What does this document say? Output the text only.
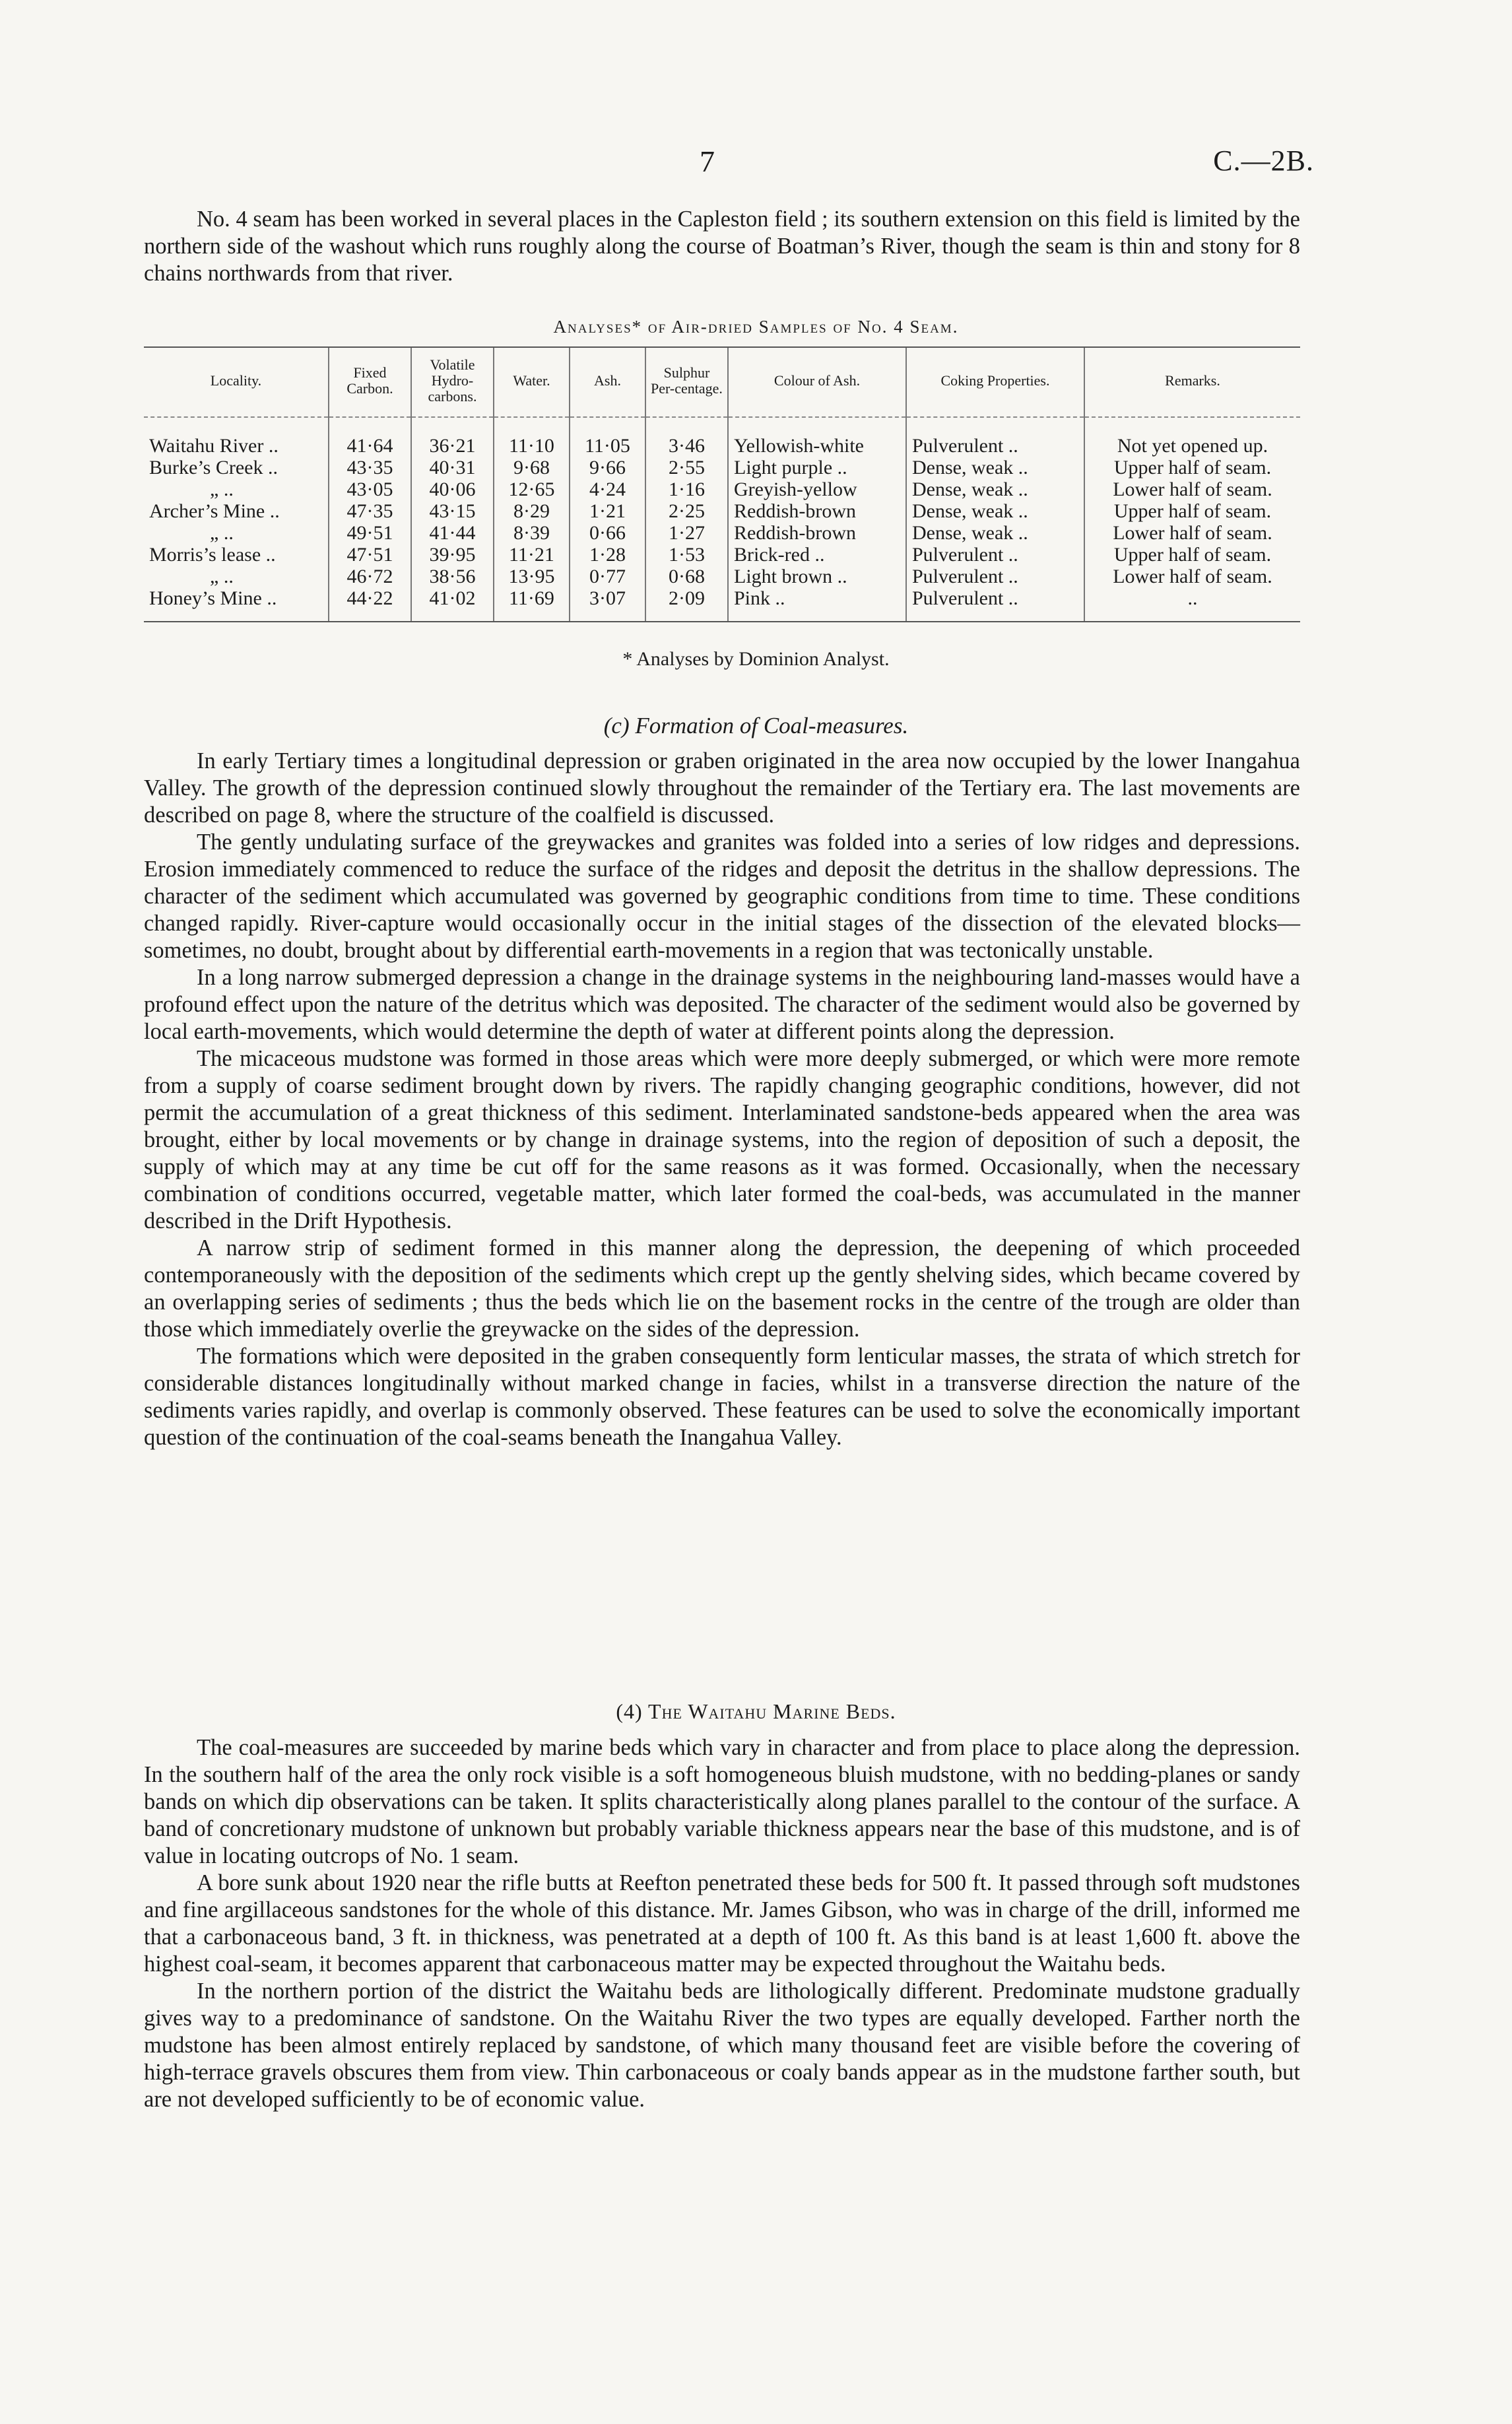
7	C.—2B.

No. 4 seam has been worked in several places in the Capleston field ; its southern extension on this field is limited by the northern side of the washout which runs roughly along the course of Boatman’s River, though the seam is thin and stony for 8 chains northwards from that river.

Analyses* of Air-dried Samples of No. 4 Seam.
Locality.	Fixed Carbon.	Volatile Hydro-carbons.	Water.	Ash.	Sulphur Per-centage.	Colour of Ash.	Coking Properties.	Remarks.
Waitahu River ..	41·64	36·21	11·10	11·05	3·46	Yellowish-white	Pulverulent ..	Not yet opened up.
Burke’s Creek ..	43·35	40·31	9·68	9·66	2·55	Light purple ..	Dense, weak ..	Upper half of seam.
„ ..	43·05	40·06	12·65	4·24	1·16	Greyish-yellow	Dense, weak ..	Lower half of seam.
Archer’s Mine ..	47·35	43·15	8·29	1·21	2·25	Reddish-brown	Dense, weak ..	Upper half of seam.
„ ..	49·51	41·44	8·39	0·66	1·27	Reddish-brown	Dense, weak ..	Lower half of seam.
Morris’s lease ..	47·51	39·95	11·21	1·28	1·53	Brick-red ..	Pulverulent ..	Upper half of seam.
„ ..	46·72	38·56	13·95	0·77	0·68	Light brown ..	Pulverulent ..	Lower half of seam.
Honey’s Mine ..	44·22	41·02	11·69	3·07	2·09	Pink ..	Pulverulent ..	..
* Analyses by Dominion Analyst.
(c) Formation of Coal-measures.

In early Tertiary times a longitudinal depression or graben originated in the area now occupied by the lower Inangahua Valley. The growth of the depression continued slowly throughout the remainder of the Tertiary era. The last movements are described on page 8, where the structure of the coalfield is discussed.

The gently undulating surface of the greywackes and granites was folded into a series of low ridges and depressions. Erosion immediately commenced to reduce the surface of the ridges and deposit the detritus in the shallow depressions. The character of the sediment which accumulated was governed by geographic conditions from time to time. These conditions changed rapidly. River-capture would occasionally occur in the initial stages of the dissection of the elevated blocks—sometimes, no doubt, brought about by differential earth-movements in a region that was tectonically unstable.

In a long narrow submerged depression a change in the drainage systems in the neighbouring land-masses would have a profound effect upon the nature of the detritus which was deposited. The character of the sediment would also be governed by local earth-movements, which would determine the depth of water at different points along the depression.

The micaceous mudstone was formed in those areas which were more deeply submerged, or which were more remote from a supply of coarse sediment brought down by rivers. The rapidly changing geographic conditions, however, did not permit the accumulation of a great thickness of this sediment. Interlaminated sandstone-beds appeared when the area was brought, either by local movements or by change in drainage systems, into the region of deposition of such a deposit, the supply of which may at any time be cut off for the same reasons as it was formed. Occasionally, when the necessary combination of conditions occurred, vegetable matter, which later formed the coal-beds, was accumulated in the manner described in the Drift Hypothesis.

A narrow strip of sediment formed in this manner along the depression, the deepening of which proceeded contemporaneously with the deposition of the sediments which crept up the gently shelving sides, which became covered by an overlapping series of sediments ; thus the beds which lie on the basement rocks in the centre of the trough are older than those which immediately overlie the greywacke on the sides of the depression.

The formations which were deposited in the graben consequently form lenticular masses, the strata of which stretch for considerable distances longitudinally without marked change in facies, whilst in a transverse direction the nature of the sediments varies rapidly, and overlap is commonly observed. These features can be used to solve the economically important question of the continuation of the coal-seams beneath the Inangahua Valley.

(4) The Waitahu Marine Beds.

The coal-measures are succeeded by marine beds which vary in character and from place to place along the depression. In the southern half of the area the only rock visible is a soft homogeneous bluish mudstone, with no bedding-planes or sandy bands on which dip observations can be taken. It splits characteristically along planes parallel to the contour of the surface. A band of concretionary mudstone of unknown but probably variable thickness appears near the base of this mudstone, and is of value in locating outcrops of No. 1 seam.

A bore sunk about 1920 near the rifle butts at Reefton penetrated these beds for 500 ft. It passed through soft mudstones and fine argillaceous sandstones for the whole of this distance. Mr. James Gibson, who was in charge of the drill, informed me that a carbonaceous band, 3 ft. in thickness, was penetrated at a depth of 100 ft. As this band is at least 1,600 ft. above the highest coal-seam, it becomes apparent that carbonaceous matter may be expected throughout the Waitahu beds.

In the northern portion of the district the Waitahu beds are lithologically different. Predominate mudstone gradually gives way to a predominance of sandstone. On the Waitahu River the two types are equally developed. Farther north the mudstone has been almost entirely replaced by sandstone, of which many thousand feet are visible before the covering of high-terrace gravels obscures them from view. Thin carbonaceous or coaly bands appear as in the mudstone farther south, but are not developed sufficiently to be of economic value.
